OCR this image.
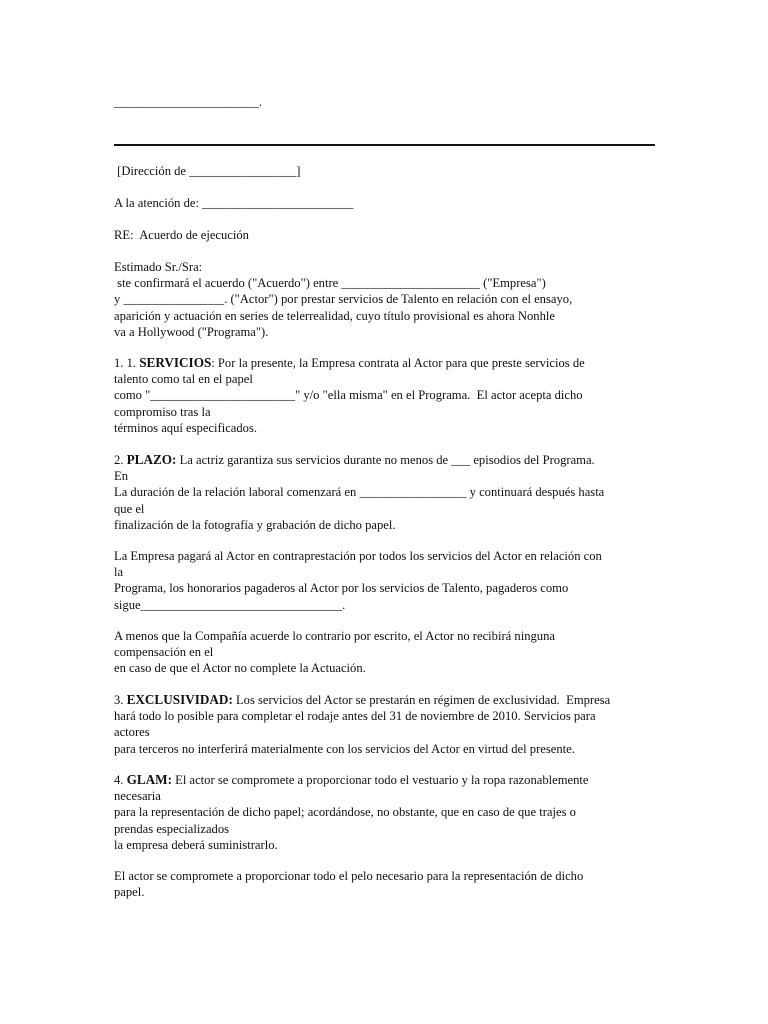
_______________________.
[Dirección de _________________]
A la atención de: ________________________
RE:  Acuerdo de ejecución
Estimado Sr./Sra:
ste confirmará el acuerdo ("Acuerdo") entre ______________________ ("Empresa")
y ________________. ("Actor") por prestar servicios de Talento en relación con el ensayo,
aparición y actuación en series de telerrealidad, cuyo título provisional es ahora Nonhle
va a Hollywood ("Programa").
1. 1. SERVICIOS: Por la presente, la Empresa contrata al Actor para que preste servicios de
talento como tal en el papel
como "_______________________" y/o "ella misma" en el Programa.  El actor acepta dicho
compromiso tras la
términos aquí especificados.
2. PLAZO: La actriz garantiza sus servicios durante no menos de ___ episodios del Programa.
En
La duración de la relación laboral comenzará en _________________ y continuará después hasta
que el
finalización de la fotografía y grabación de dicho papel.
La Empresa pagará al Actor en contraprestación por todos los servicios del Actor en relación con
la
Programa, los honorarios pagaderos al Actor por los servicios de Talento, pagaderos como
sigue________________________________.
A menos que la Compañía acuerde lo contrario por escrito, el Actor no recibirá ninguna
compensación en el
en caso de que el Actor no complete la Actuación.
3. EXCLUSIVIDAD: Los servicios del Actor se prestarán en régimen de exclusividad.  Empresa
hará todo lo posible para completar el rodaje antes del 31 de noviembre de 2010. Servicios para
actores
para terceros no interferirá materialmente con los servicios del Actor en virtud del presente.
4. GLAM: El actor se compromete a proporcionar todo el vestuario y la ropa razonablemente
necesaria
para la representación de dicho papel; acordándose, no obstante, que en caso de que trajes o
prendas especializados
la empresa deberá suministrarlo.
El actor se compromete a proporcionar todo el pelo necesario para la representación de dicho
papel.
